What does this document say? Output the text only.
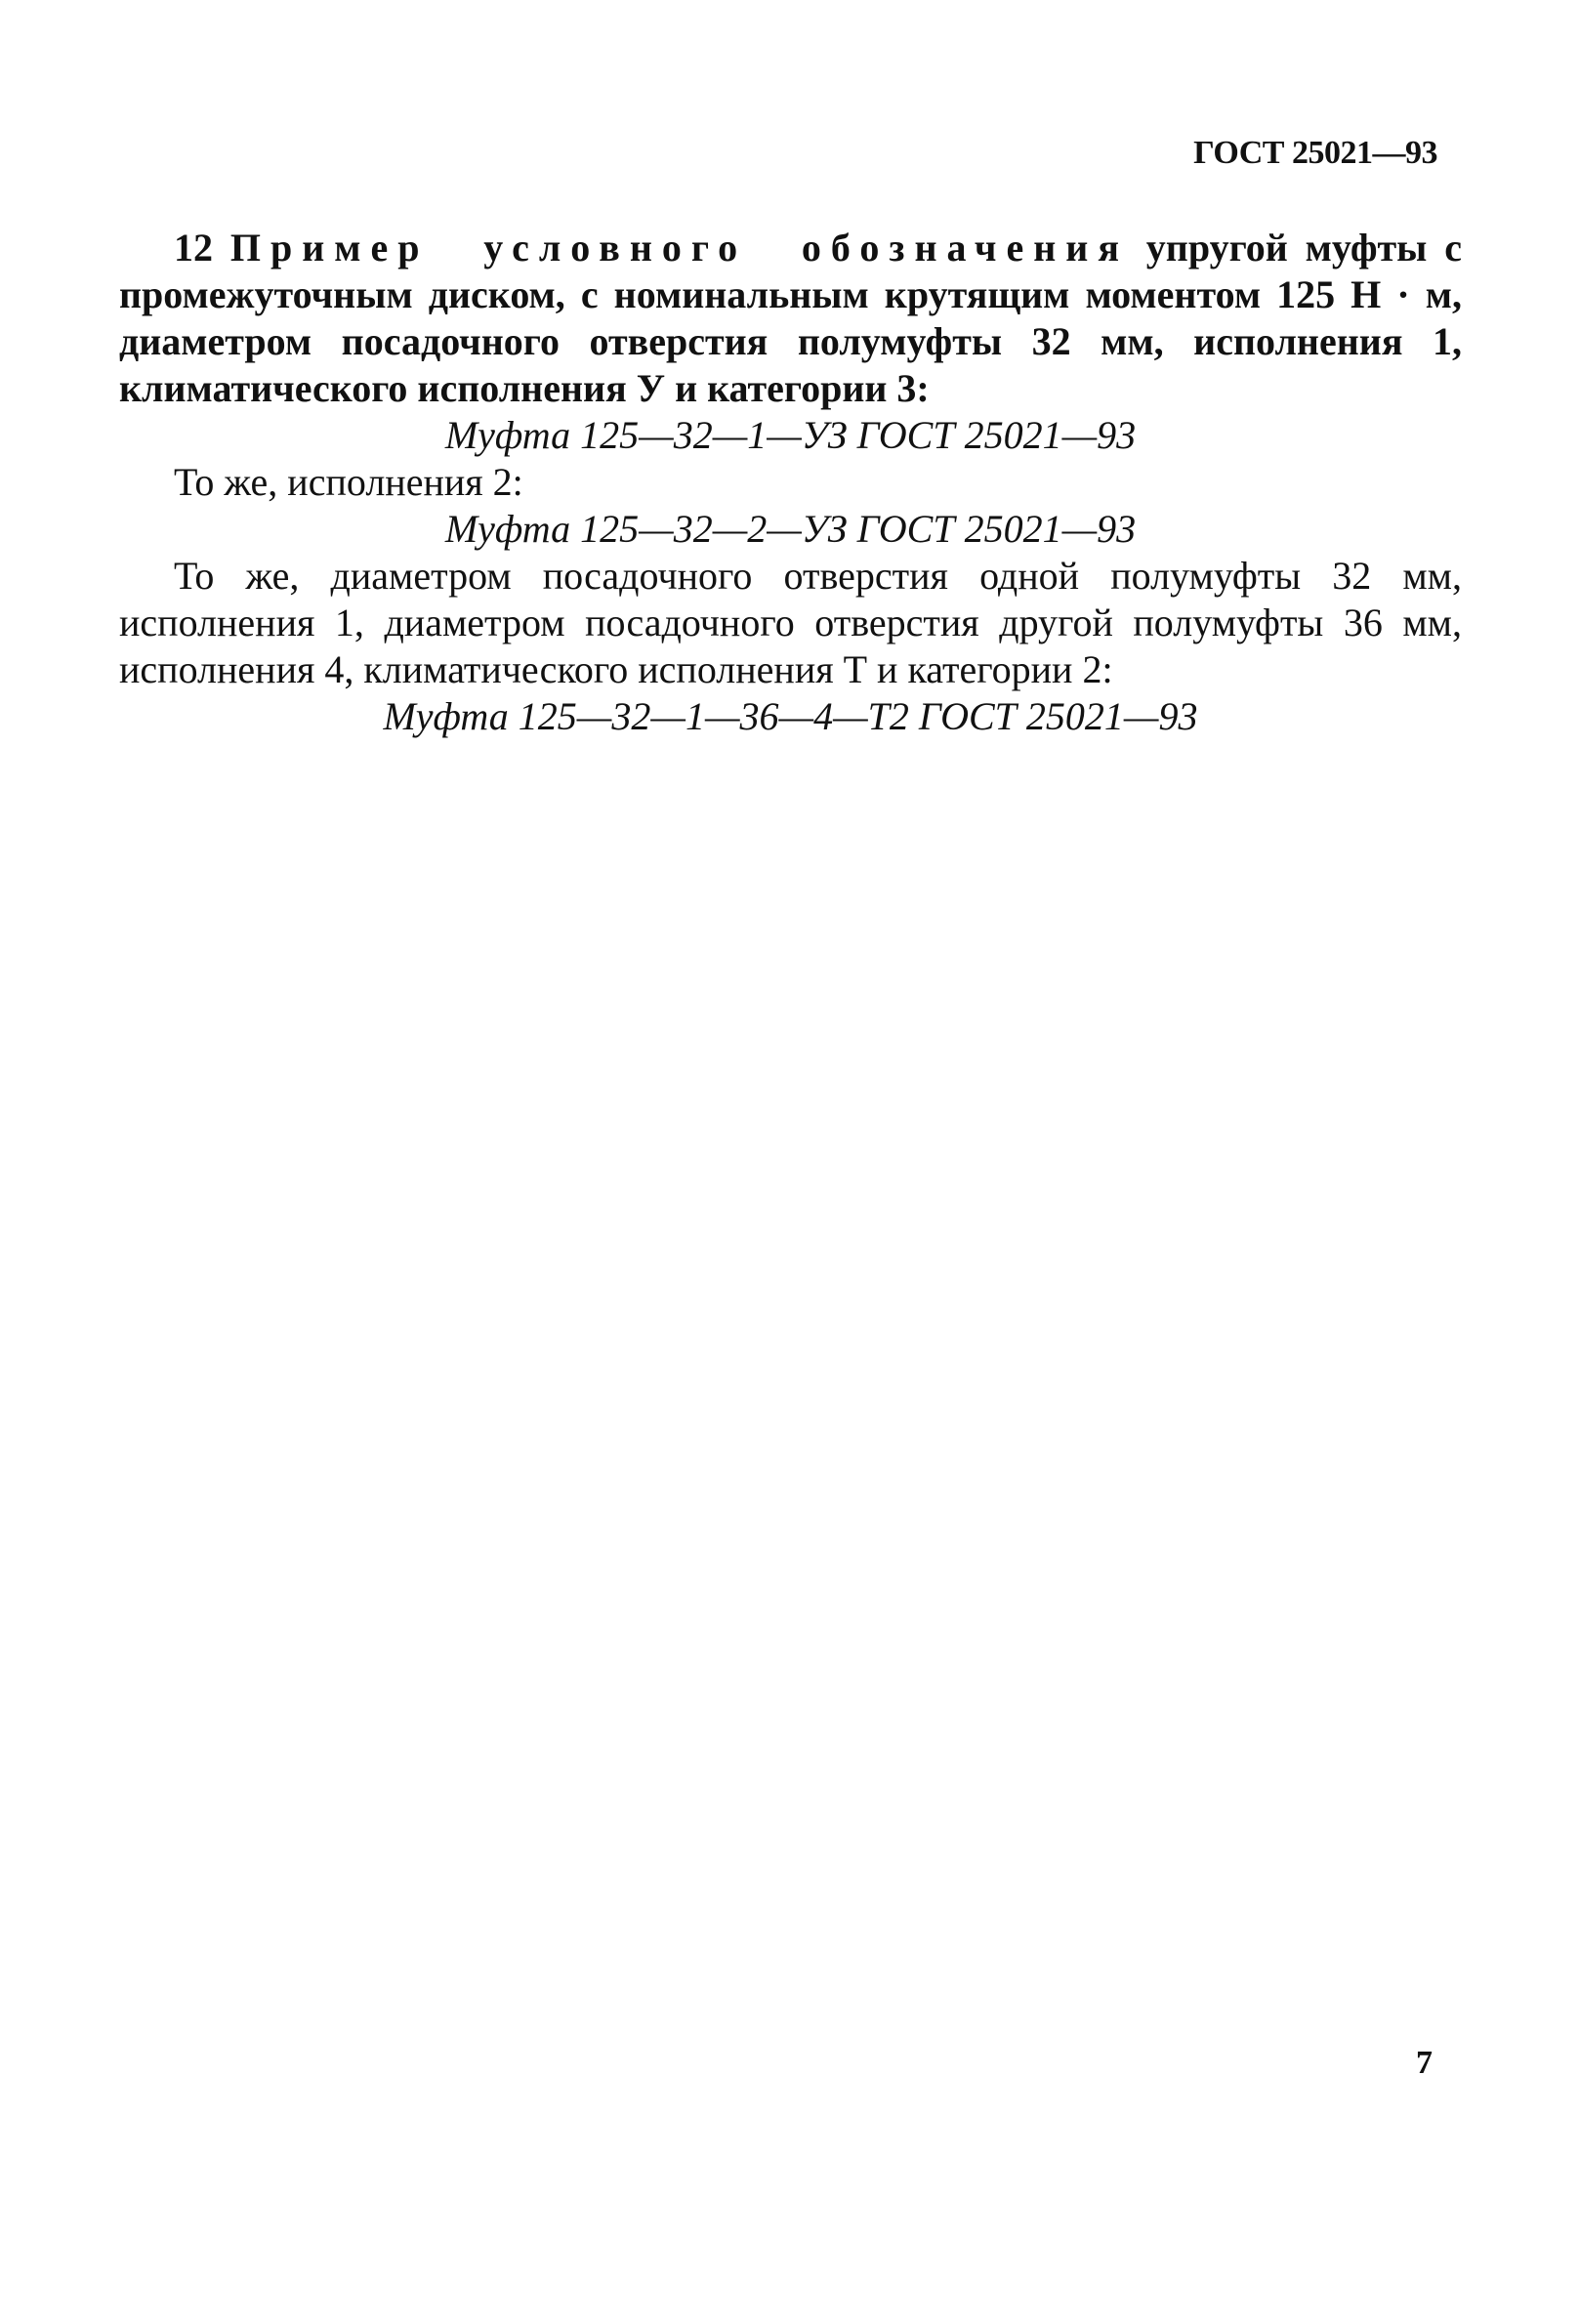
ГОСТ 25021—93

12 Пример условного обозначения упругой муфты с промежуточным диском, с номинальным крутящим моментом 125 Н · м, диаметром посадочного отверстия полумуфты 32 мм, исполнения 1, климатического исполнения У и категории 3:

Муфта 125—32—1—УЗ ГОСТ 25021—93

То же, исполнения 2:

Муфта 125—32—2—УЗ ГОСТ 25021—93

То же, диаметром посадочного отверстия одной полумуфты 32 мм, исполнения 1, диаметром посадочного отверстия другой полумуфты 36 мм, исполнения 4, климатического исполнения Т и категории 2:

Муфта 125—32—1—36—4—Т2 ГОСТ 25021—93

7
